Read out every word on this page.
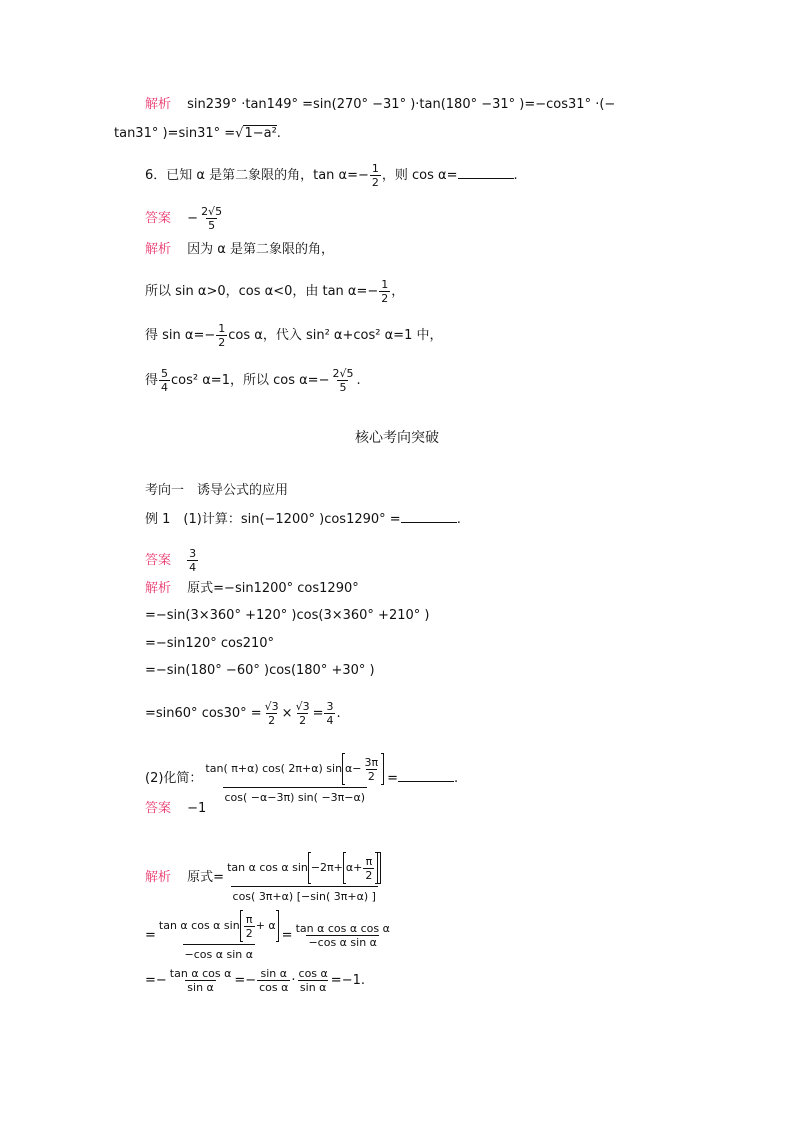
解析 sin239° ·tan149° =sin(270° −31° )·tan(180° −31° )=−cos31° ·(−
tan31° )=sin31° =√1−a².
6．已知 α 是第二象限的角，$\tan \alpha=- \frac{1}{2}$ ，则 cos α=	.
答案 − $\frac{2√5}{5}$
解析 因为 α 是第二象限的角，
所以 sin α>0，cos α<0，由 $\tan \alpha=- \frac{1}{2}$ ，
得 $\sin \alpha=- \frac{1}{2}$ cos α，代入 sin² α+cos² α=1 中，
得 $\frac{5}{4} \cos^2$ α=1，所以 $\cos \alpha=- \frac{2√5}{5}$ .
核心考向突破
考向一　诱导公式的应用
例 1　(1)计算：sin(−1200° )cos1290° =	.
答案 $\frac{3}{4}$
解析 原式=−sin1200° cos1290°
=−sin(3×360° +120° )cos(3×360° +210° )
=−sin120° cos210°
=−sin(180° −60° )cos(180° +30° )
=sin60° $\cos 30^\circ = \frac{√3}{2} \times \frac{√3}{2} = \frac{3}{4}$ .
(2)化简： $\frac{\tan( \pi+\alpha) \cos( 2\pi+\alpha) \sin \alpha- \frac{3\pi}{2}}{\cos( -\alpha-3\pi) \sin( -3\pi-\alpha)}$ =	.
答案 −1
解析 原式= $\frac{\tan \alpha \cos \alpha \sin -2\pi+ \alpha+ \frac{\pi}{2}}{\cos( 3\pi+\alpha) [-\sin( 3\pi+\alpha) ]}$
= $\frac{\tan \alpha \cos \alpha \sin \frac{\pi}{2} + \alpha}{\text{−cos α sin α}} = \frac{\text{tan α cos α cos α}}{\text{−cos α sin α}}$
=− $\frac{\text{tan α cos α}}{\text{sin α}} =- \frac{\text{sin α}}{\text{cos α}} \cdot \frac{\text{cos α}}{\text{sin α}} =-1$.
